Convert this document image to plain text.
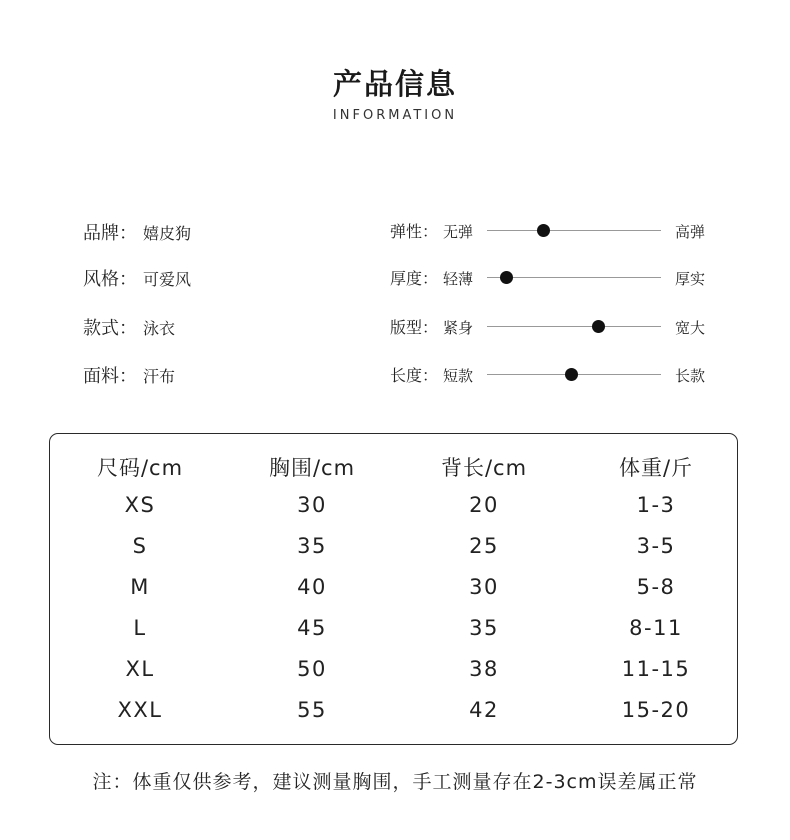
产品信息
INFORMATION
品牌： 嬉皮狗
风格： 可爱风
款式： 泳衣
面料： 汗布
弹性： 无弹	高弹
厚度： 轻薄	厚实
版型： 紧身	宽大
长度： 短款	长款
尺码/cm	胸围/cm	背长/cm	体重/斤
XS	30	20	1-3
S	35	25	3-5
M	40	30	5-8
L	45	35	8-11
XL	50	38	11-15
XXL	55	42	15-20
注：体重仅供参考，建议测量胸围，手工测量存在2-3cm误差属正常
